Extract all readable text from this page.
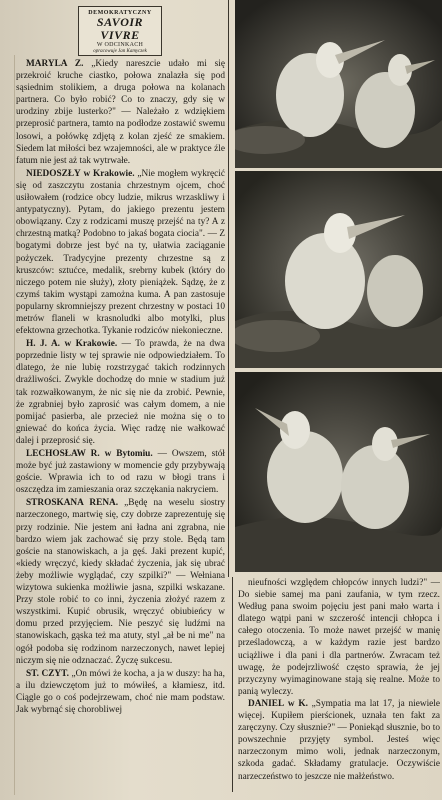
DEMOKRATYCZNY
SAVOIR VIVRE
W ODCINKACH
opracowuje Jan Kamyczek

MARYLA Z. „Kiedy nareszcie udało mi się przekroić kruche ciastko, połowa znalazła się pod sąsiednim stolikiem, a druga połowa na kolanach partnera. Co było robić? Co to znaczy, gdy się w urodziny zbije lusterko?" — Należało z wdziękiem przeprosić partnera, tamto na podłodze zostawić swemu losowi, a połówkę zdjętą z kolan zjeść ze smakiem. Siedem lat miłości bez wzajemności, ale w praktyce źle fatum nie jest aż tak wytrwałe.

NIEDOSZŁY w Krakowie. „Nie mogłem wykręcić się od zaszczytu zostania chrzestnym ojcem, choć usiłowałem (rodzice obcy ludzie, mikrus wrzaskliwy i antypatyczny). Pytam, do jakiego prezentu jestem obowiązany. Czy z rodzicami muszę przejść na ty? A z chrzestną matką? Podobno to jakaś bogata ciocia". — Z bogatymi dobrze jest być na ty, ułatwia zaciąganie pożyczek. Tradycyjne prezenty chrzestne są z kruszców: sztućce, medalik, srebrny kubek (który do niczego potem nie służy), złoty pieniążek. Sądzę, że z czymś takim wystąpi zamożna kuma. A pan zastosuje popularny skromniejszy prezent chrzestny w postaci 10 metrów flaneli w krasnoludki albo motylki, plus efektowna grzechotka. Tykanie rodziców niekonieczne.

H. J. A. w Krakowie. — To prawda, że na dwa poprzednie listy w tej sprawie nie odpowiedziałem. To dlatego, że nie lubię rozstrzygać takich rodzinnych drażliwości. Zwykle dochodzę do mnie w stadium już tak rozwałkowanym, że nic się nie da zrobić. Pewnie, że zgrabniej było zaprosić was całym domem, a nie pomijać pasierba, ale przecież nie można się o to gniewać do końca życia. Więc radzę nie wałkować dalej i przeprosić się.

LECHOSŁAW R. w Bytomiu. — Owszem, stół może być już zastawiony w momencie gdy przybywają goście. Wprawia ich to od razu w błogi trans i oszczędza im zamieszania oraz szczękania nakryciem.

STROSKANA RENA. „Będę na weselu siostry narzeczonego, martwię się, czy dobrze zaprezentuję się przy rodzinie. Nie jestem ani ładna ani zgrabna, nie bardzo wiem jak zachować się przy stole. Będą tam goście na stanowiskach, a ja gęś. Jaki prezent kupić, «kiedy wręczyć, kiedy składać życzenia, jak się ubrać żeby możliwie wyglądać, czy szpilki?" — Wełniana wizytowa sukienka możliwie jasna, szpilki wskazane. Przy stole robić to co inni, życzenia złożyć razem z wszystkimi. Kupić obrusik, wręczyć obiubieńcy w domu przed przyjęciem. Nie peszyć się ludźmi na stanowiskach, gąska też ma atuty, styl „ał be ni me" na ogół podoba się rodzinom narzeczonych, nawet lepiej niczym się nie odznaczać. Życzę sukcesu.

ST. CZYT. „On mówi że kocha, a ja w duszy: ha ha, a ilu dziewczętom już to mówiłeś, a kłamiesz, itd. Ciągle go o coś podejrzewam, choć nie mam podstaw. Jak wybrnąć się chorobliwej

nieufności względem chłopców innych ludzi?" — Do siebie samej ma pani zaufania, w tym rzecz. Według pana swoim pojęciu jest pani mało warta i dlatego wątpi pani w szczerość intencji chłopca i całego otoczenia. To może nawet przejść w manię prześladowczą, a w każdym razie jest bardzo uciążliwe i dla pani i dla partnerów. Zwracam też uwagę, że podejrzliwość często sprawia, że jej przyczyny wyimaginowane stają się realne. Może to panią wyleczy.

DANIEL w K. „Sympatia ma lat 17, ja niewiele więcej. Kupiłem pierścionek, uznała ten fakt za zaręczyny. Czy słusznie?" — Poniekąd słusznie, bo to powszechnie przyjęty symbol. Jesteś więc narzeczonym mimo woli, jednak narzeczonym, szkoda gadać. Składamy gratulacje. Oczywiście narzeczeństwo to jeszcze nie małżeństwo.
